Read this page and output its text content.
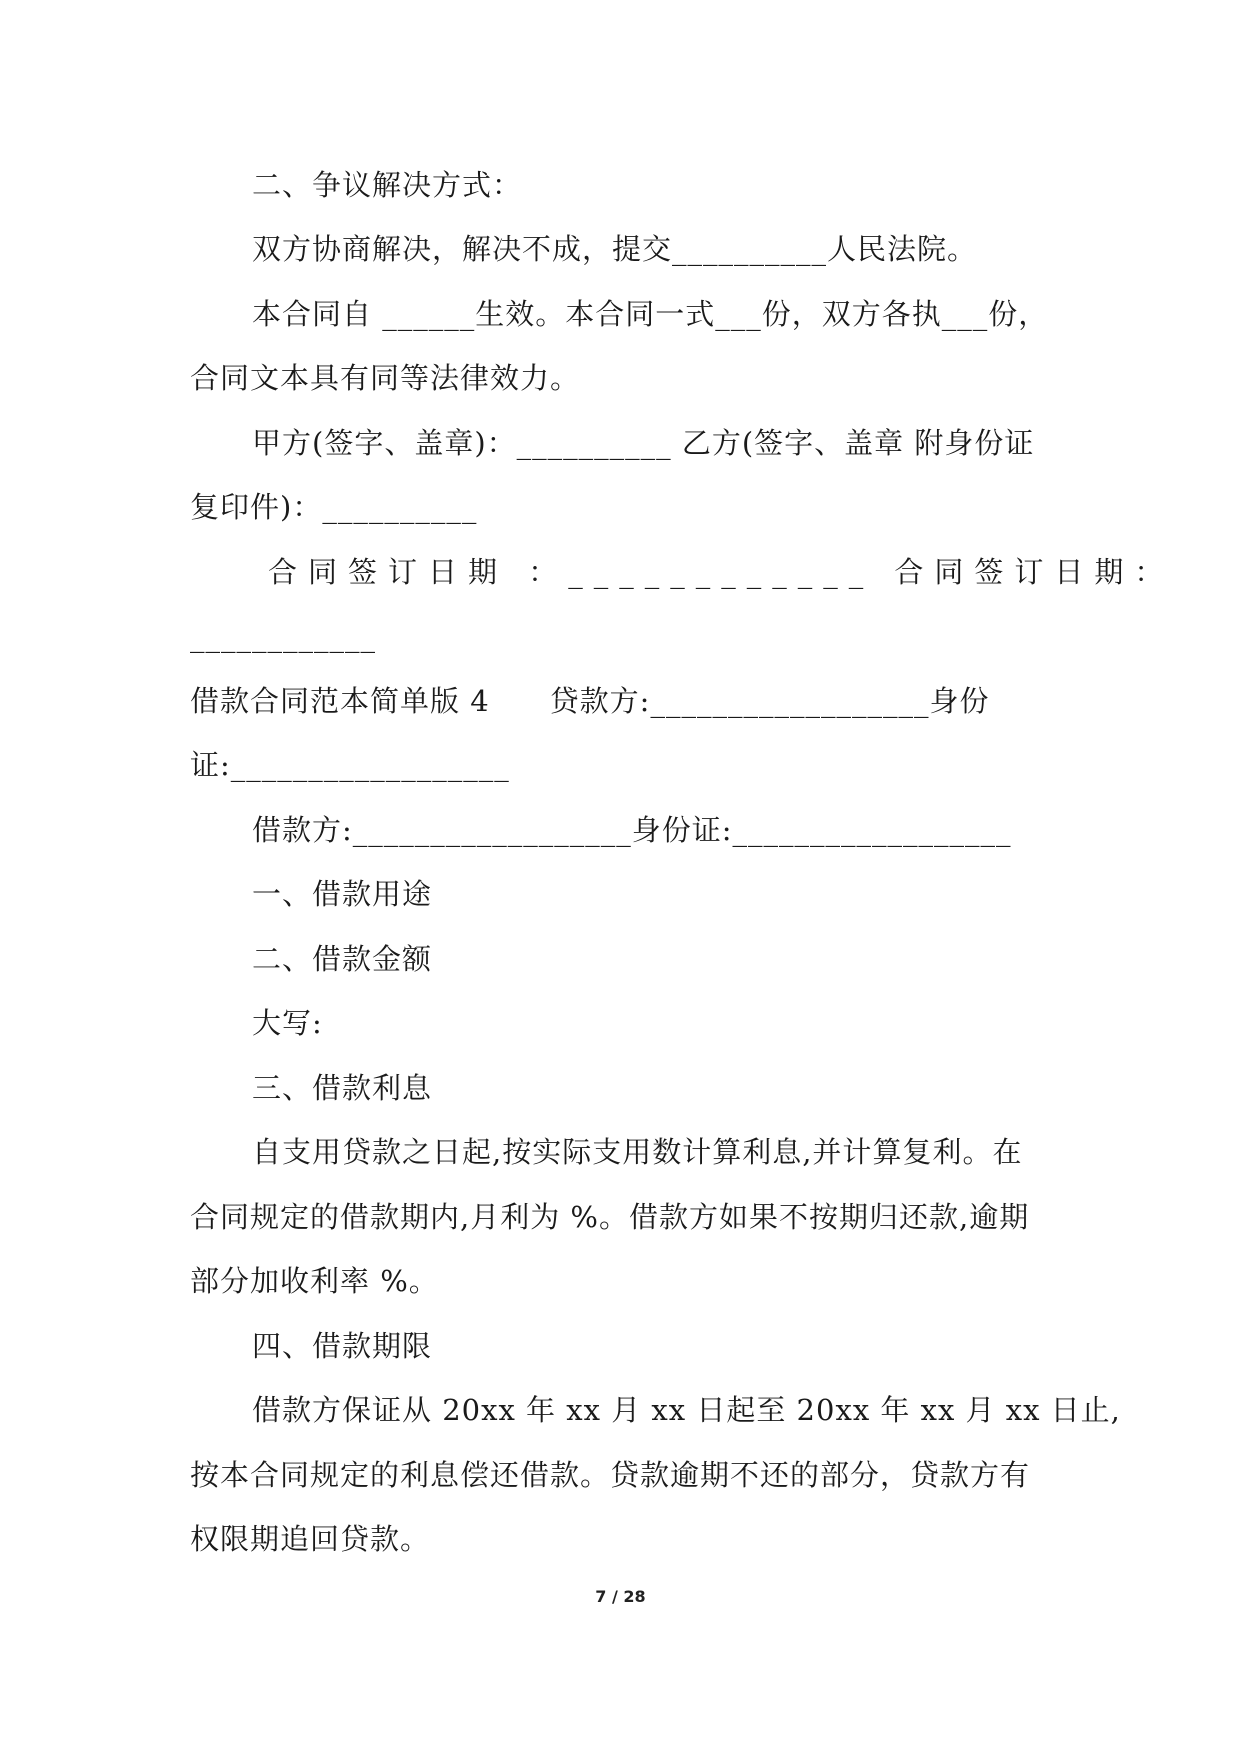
二、争议解决方式：
双方协商解决，解决不成，提交__________人民法院。
本合同自 ______生效。本合同一式___份，双方各执___份，
合同文本具有同等法律效力。
甲方(签字、盖章)：__________ 乙方(签字、盖章 附身份证
复印件)：__________
合同签订日期 ：____________ 合同签订日期：
____________
借款合同范本简单版 4　　贷款方:__________________身份
证:__________________
借款方:__________________身份证:__________________
一、借款用途
二、借款金额
大写:
三、借款利息
自支用贷款之日起,按实际支用数计算利息,并计算复利。在
合同规定的借款期内,月利为 %。借款方如果不按期归还款,逾期
部分加收利率 %。
四、借款期限
借款方保证从 20xx 年 xx 月 xx 日起至 20xx 年 xx 月 xx 日止,
按本合同规定的利息偿还借款。贷款逾期不还的部分，贷款方有
权限期追回贷款。
7 / 28
